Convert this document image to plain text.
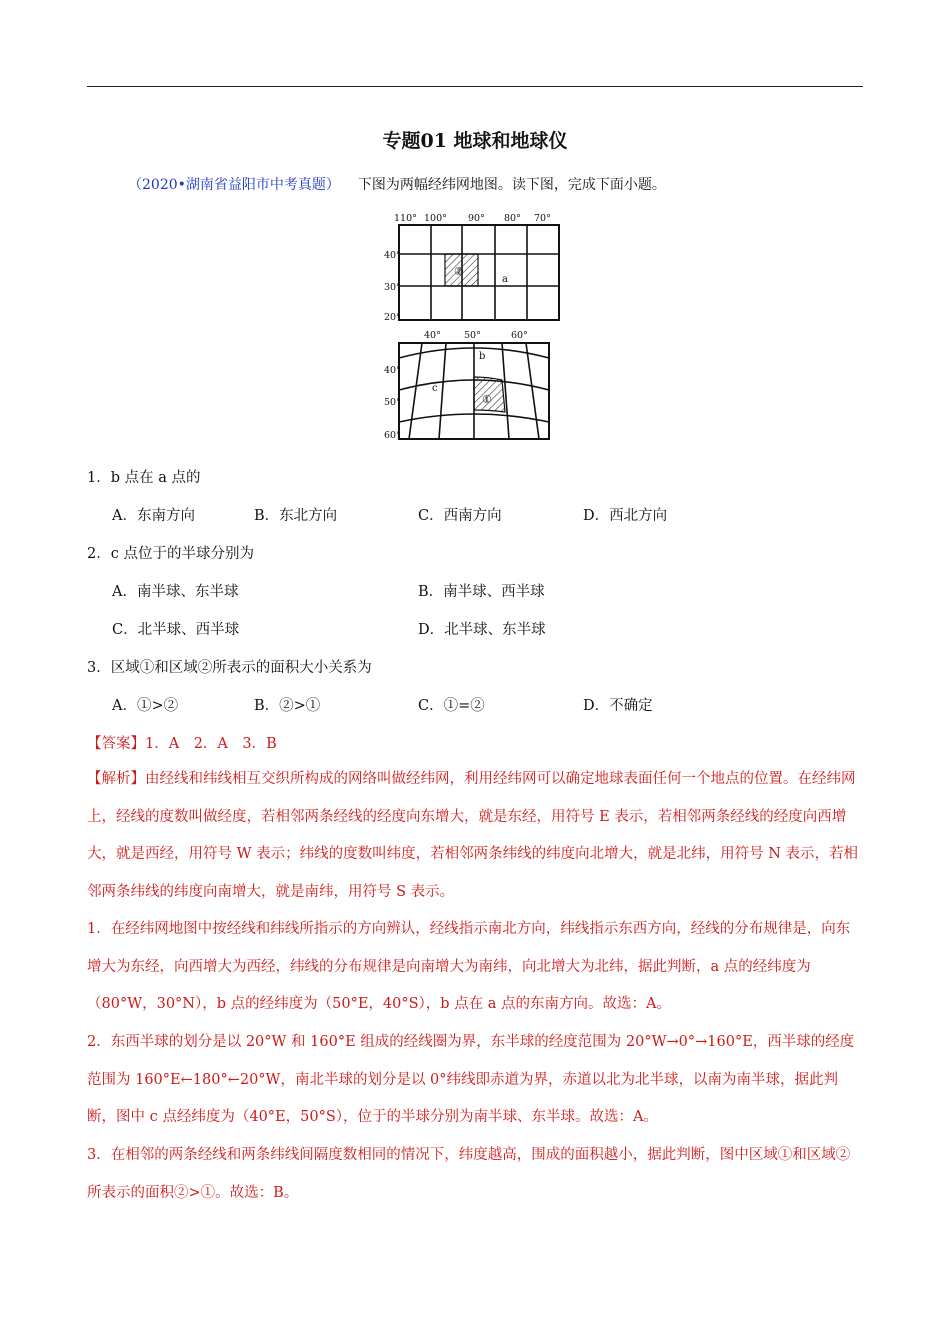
专题01 地球和地球仪
（2020•湖南省益阳市中考真题） 下图为两幅经纬网地图。读下图，完成下面小题。
②
a
110° 100° 90° 80° 70°
40°
30°
20°
①
b
c
40° 50°	60°
40°
50°
60°
1．b 点在 a 点的
A．东南方向	B．东北方向	C．西南方向	D．西北方向
2．c 点位于的半球分别为
A．南半球、东半球	B．南半球、西半球
C．北半球、西半球	D．北半球、东半球
3．区域①和区域②所表示的面积大小关系为
A．①>②	B．②>①	C．①=②	D．不确定
【答案】1．A　2．A　3．B
【解析】由经线和纬线相互交织所构成的网络叫做经纬网，利用经纬网可以确定地球表面任何一个地点的位置。在经纬网上，经线的度数叫做经度，若相邻两条经线的经度向东增大，就是东经，用符号 E 表示，若相邻两条经线的经度向西增大，就是西经，用符号 W 表示；纬线的度数叫纬度，若相邻两条纬线的纬度向北增大，就是北纬，用符号 N 表示，若相邻两条纬线的纬度向南增大，就是南纬，用符号 S 表示。
1．在经纬网地图中按经线和纬线所指示的方向辨认，经线指示南北方向，纬线指示东西方向，经线的分布规律是，向东增大为东经，向西增大为西经，纬线的分布规律是向南增大为南纬，向北增大为北纬，据此判断，a 点的经纬度为（80°W，30°N），b 点的经纬度为（50°E，40°S），b 点在 a 点的东南方向。故选：A。
2．东西半球的划分是以 20°W 和 160°E 组成的经线圈为界，东半球的经度范围为 20°W→0°→160°E，西半球的经度范围为 160°E←180°←20°W，南北半球的划分是以 0°纬线即赤道为界，赤道以北为北半球，以南为南半球，据此判断，图中 c 点经纬度为（40°E，50°S），位于的半球分别为南半球、东半球。故选：A。
3．在相邻的两条经线和两条纬线间隔度数相同的情况下，纬度越高，围成的面积越小，据此判断，图中区域①和区域②所表示的面积②>①。故选：B。
